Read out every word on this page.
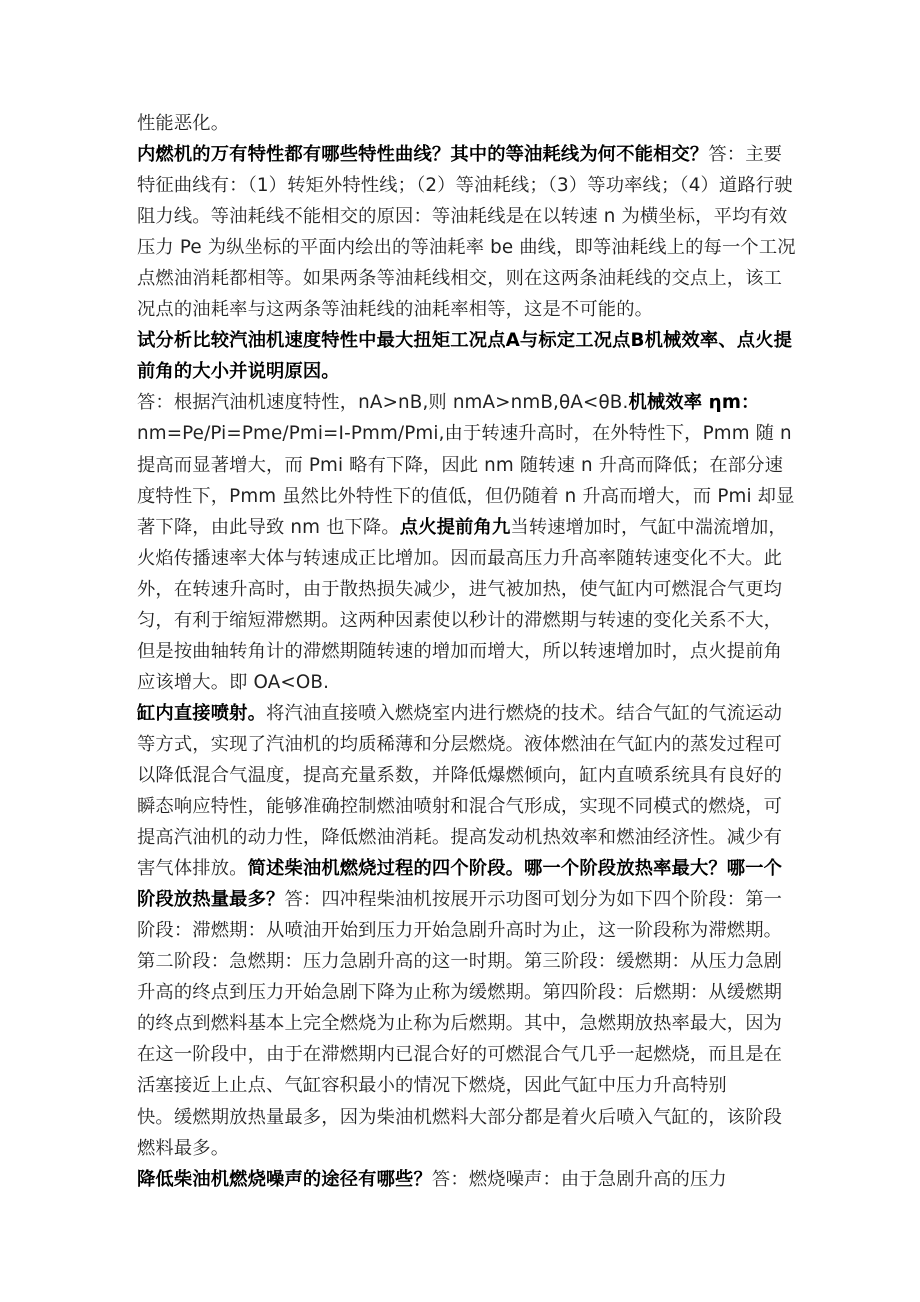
性能恶化。

内燃机的万有特性都有哪些特性曲线？其中的等油耗线为何不能相交？答：主要特征曲线有：（1）转矩外特性线；（2）等油耗线；（3）等功率线；（4）道路行驶阻力线。等油耗线不能相交的原因：等油耗线是在以转速 n 为横坐标，平均有效压力 Pe 为纵坐标的平面内绘出的等油耗率 be 曲线，即等油耗线上的每一个工况点燃油消耗都相等。如果两条等油耗线相交，则在这两条油耗线的交点上，该工况点的油耗率与这两条等油耗线的油耗率相等，这是不可能的。

试分析比较汽油机速度特性中最大扭矩工况点A与标定工况点B机械效率、点火提前角的大小并说明原因。

答：根据汽油机速度特性，nA>nB,则 nmA>nmB,θA<θB.机械效率 ηm：nm=Pe/Pi=Pme/Pmi=I-Pmm/Pmi,由于转速升高时，在外特性下，Pmm 随 n 提高而显著增大，而 Pmi 略有下降，因此 nm 随转速 n 升高而降低；在部分速度特性下，Pmm 虽然比外特性下的值低，但仍随着 n 升高而增大，而 Pmi 却显著下降，由此导致 nm 也下降。点火提前角九当转速增加时，气缸中湍流增加，火焰传播速率大体与转速成正比增加。因而最高压力升高率随转速变化不大。此外，在转速升高时，由于散热损失减少，进气被加热，使气缸内可燃混合气更均匀，有利于缩短滞燃期。这两种因素使以秒计的滞燃期与转速的变化关系不大，但是按曲轴转角计的滞燃期随转速的增加而增大，所以转速增加时，点火提前角应该增大。即 OA<OB.

缸内直接喷射。将汽油直接喷入燃烧室内进行燃烧的技术。结合气缸的气流运动等方式，实现了汽油机的均质稀薄和分层燃烧。液体燃油在气缸内的蒸发过程可以降低混合气温度，提高充量系数，并降低爆燃倾向，缸内直喷系统具有良好的瞬态响应特性，能够准确控制燃油喷射和混合气形成，实现不同模式的燃烧，可提高汽油机的动力性，降低燃油消耗。提高发动机热效率和燃油经济性。减少有害气体排放。简述柴油机燃烧过程的四个阶段。哪一个阶段放热率最大？哪一个阶段放热量最多？答：四冲程柴油机按展开示功图可划分为如下四个阶段：第一阶段：滞燃期：从喷油开始到压力开始急剧升高时为止，这一阶段称为滞燃期。第二阶段：急燃期：压力急剧升高的这一时期。第三阶段：缓燃期：从压力急剧升高的终点到压力开始急剧下降为止称为缓燃期。第四阶段：后燃期：从缓燃期的终点到燃料基本上完全燃烧为止称为后燃期。其中，急燃期放热率最大，因为在这一阶段中，由于在滞燃期内已混合好的可燃混合气几乎一起燃烧，而且是在活塞接近上止点、气缸容积最小的情况下燃烧，因此气缸中压力升高特别

快。缓燃期放热量最多，因为柴油机燃料大部分都是着火后喷入气缸的，该阶段燃料最多。

降低柴油机燃烧噪声的途径有哪些？答：燃烧噪声：由于急剧升高的压力
